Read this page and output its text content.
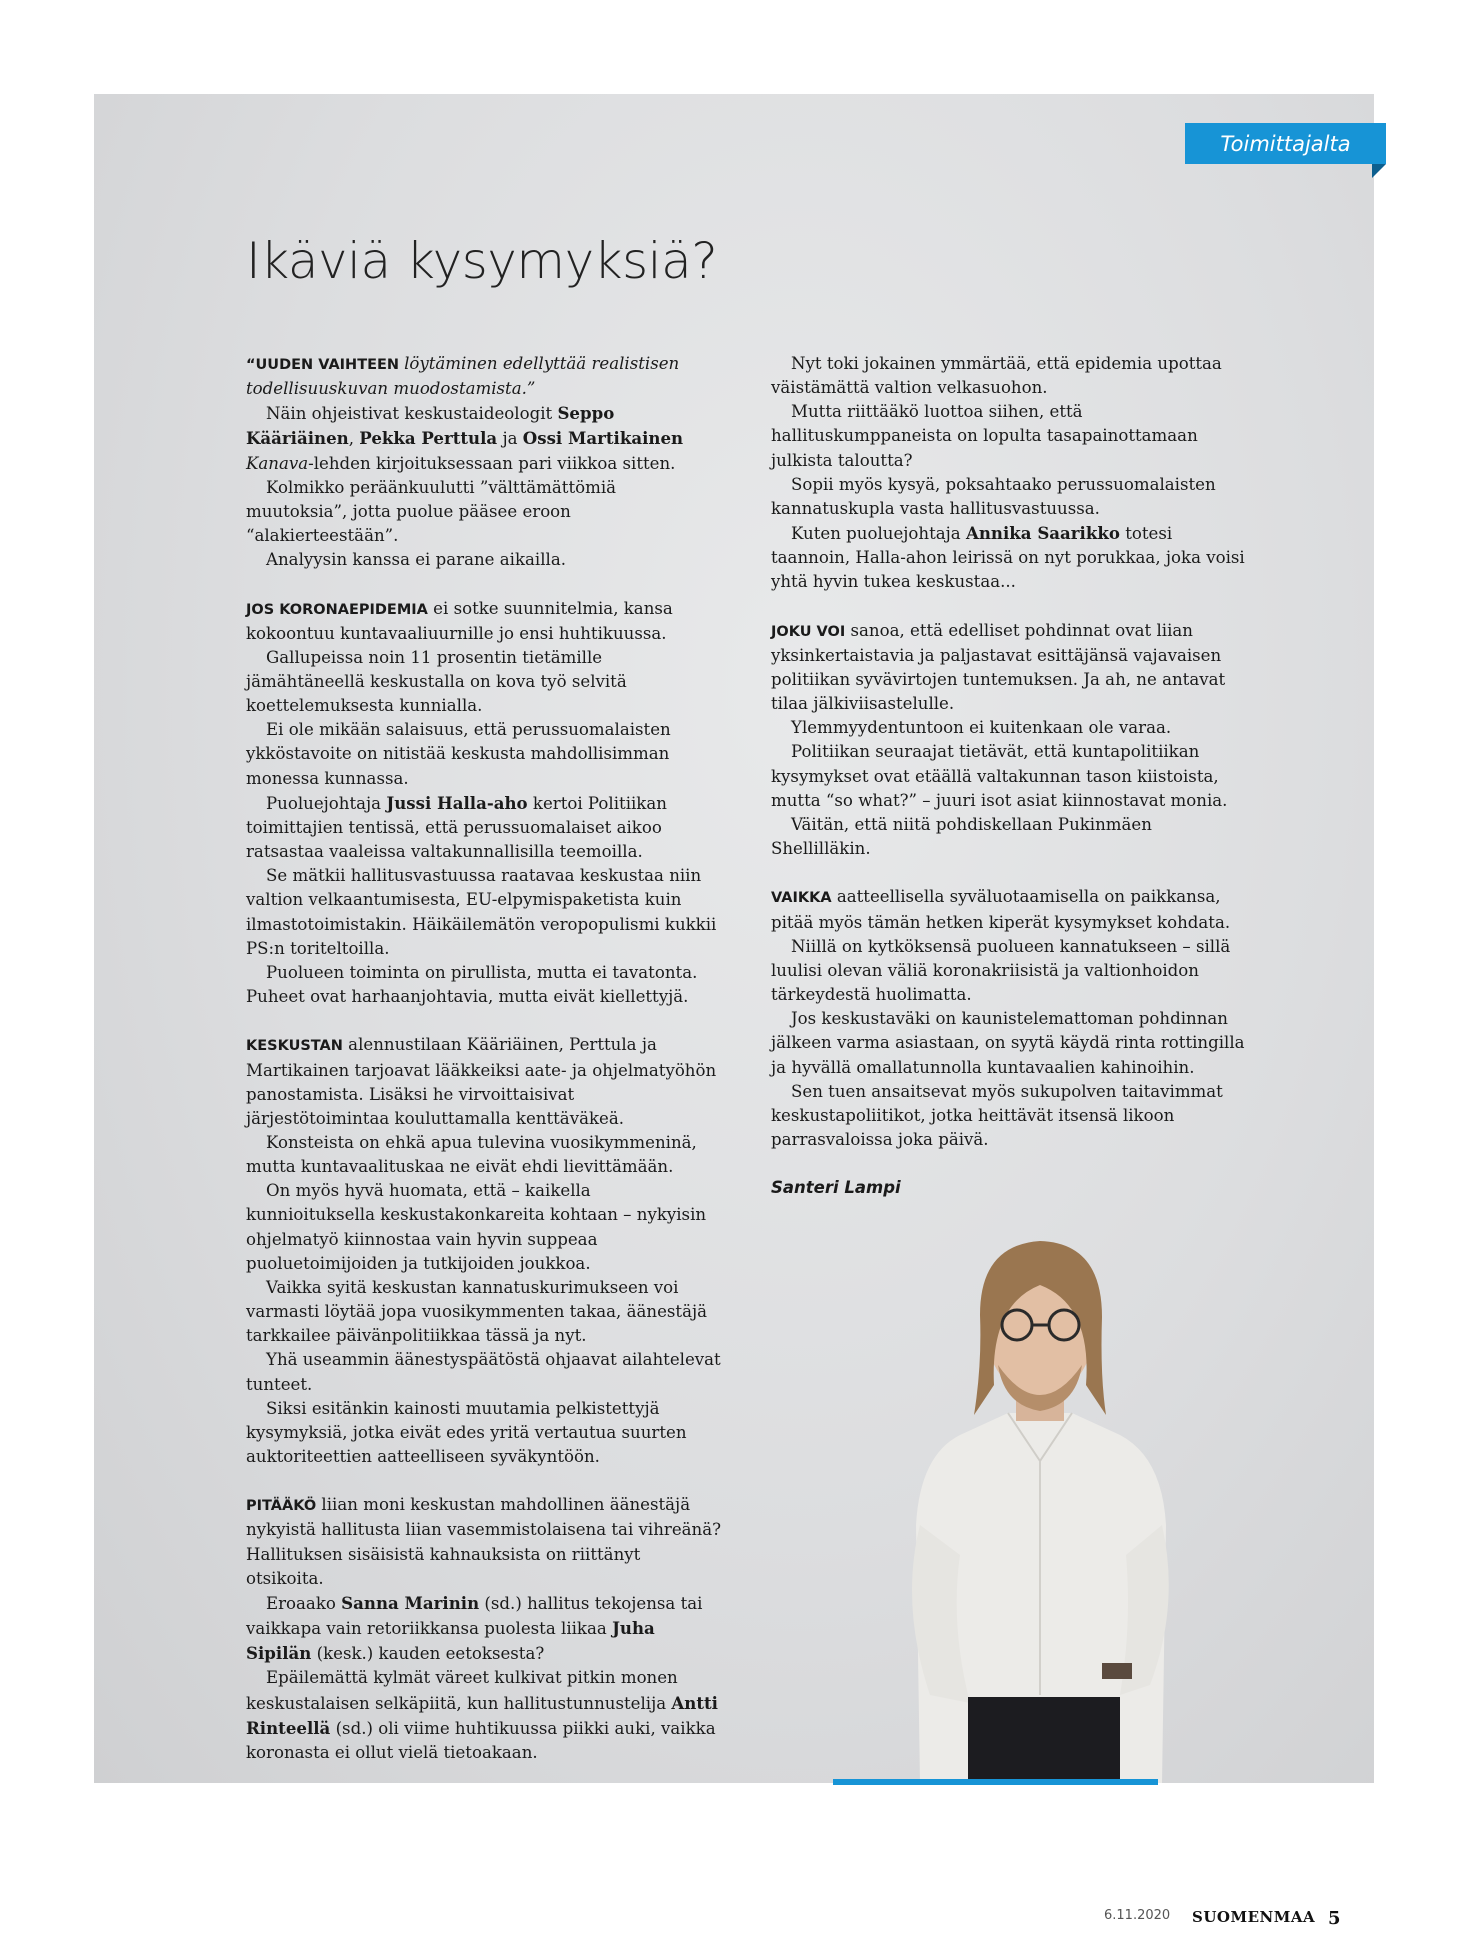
Toimittajalta
Ikäviä kysymyksiä?

“UUDEN VAIHTEEN löytäminen edellyttää realistisen todellisuuskuvan muodostamista.”

Näin ohjeistivat keskustaideologit Seppo Kääriäinen, Pekka Perttula ja Ossi Martikainen Kanava-lehden kirjoituksessaan pari viikkoa sitten.

Kolmikko peräänkuulutti ”välttämättömiä muutoksia”, jotta puolue pääsee eroon “alakierteestään”.

Analyysin kanssa ei parane aikailla.

JOS KORONAEPIDEMIA ei sotke suunnitelmia, kansa kokoontuu kuntavaaliuurnille jo ensi huhtikuussa.

Gallupeissa noin 11 prosentin tietämille jämähtäneellä keskustalla on kova työ selvitä koettelemuksesta kunnialla.

Ei ole mikään salaisuus, että perussuomalaisten ykköstavoite on nitistää keskusta mahdollisimman monessa kunnassa.

Puoluejohtaja Jussi Halla-aho kertoi Politiikan toimittajien tentissä, että perussuomalaiset aikoo ratsastaa vaaleissa valtakunnallisilla teemoilla.

Se mätkii hallitusvastuussa raatavaa keskustaa niin valtion velkaantumisesta, EU-elpymispaketista kuin ilmastotoimistakin. Häikäilemätön veropopulismi kukkii PS:n toriteltoilla.

Puolueen toiminta on pirullista, mutta ei tavatonta. Puheet ovat harhaanjohtavia, mutta eivät kiellettyjä.

KESKUSTAN alennustilaan Kääriäinen, Perttula ja Martikainen tarjoavat lääkkeiksi aate- ja ohjelmatyöhön panostamista. Lisäksi he virvoittaisivat järjestötoimintaa kouluttamalla kenttäväkeä.

Konsteista on ehkä apua tulevina vuosikymmeninä, mutta kuntavaalituskaa ne eivät ehdi lievittämään.

On myös hyvä huomata, että – kaikella kunnioituksella keskustakonkareita kohtaan – nykyisin ohjelmatyö kiinnostaa vain hyvin suppeaa puoluetoimijoiden ja tutkijoiden joukkoa.

Vaikka syitä keskustan kannatuskurimukseen voi varmasti löytää jopa vuosikymmenten takaa, äänestäjä tarkkailee päivänpolitiikkaa tässä ja nyt.

Yhä useammin äänestyspäätöstä ohjaavat ailahtelevat tunteet.

Siksi esitänkin kainosti muutamia pelkistettyjä kysymyksiä, jotka eivät edes yritä vertautua suurten auktoriteettien aatteelliseen syväkyntöön.

PITÄÄKÖ liian moni keskustan mahdollinen äänestäjä nykyistä hallitusta liian vasemmistolaisena tai vihreänä? Hallituksen sisäisistä kahnauksista on riittänyt otsikoita.

Eroaako Sanna Marinin (sd.) hallitus tekojensa tai vaikkapa vain retoriikkansa puolesta liikaa Juha Sipilän (kesk.) kauden eetoksesta?

Epäilemättä kylmät väreet kulkivat pitkin monen keskustalaisen selkäpiitä, kun hallitustunnustelija Antti Rinteellä (sd.) oli viime huhtikuussa piikki auki, vaikka koronasta ei ollut vielä tietoakaan.

Nyt toki jokainen ymmärtää, että epidemia upottaa väistämättä valtion velkasuohon.

Mutta riittääkö luottoa siihen, että hallituskumppaneista on lopulta tasapainottamaan julkista taloutta?

Sopii myös kysyä, poksahtaako perussuomalaisten kannatuskupla vasta hallitusvastuussa.

Kuten puoluejohtaja Annika Saarikko totesi taannoin, Halla-ahon leirissä on nyt porukkaa, joka voisi yhtä hyvin tukea keskustaa...

JOKU VOI sanoa, että edelliset pohdinnat ovat liian yksinkertaistavia ja paljastavat esittäjänsä vajavaisen politiikan syvävirtojen tuntemuksen. Ja ah, ne antavat tilaa jälkiviisastelulle.

Ylemmyydentuntoon ei kuitenkaan ole varaa.

Politiikan seuraajat tietävät, että kuntapolitiikan kysymykset ovat etäällä valtakunnan tason kiistoista, mutta “so what?” – juuri isot asiat kiinnostavat monia.

Väitän, että niitä pohdiskellaan Pukinmäen Shellilläkin.

VAIKKA aatteellisella syväluotaamisella on paikkansa, pitää myös tämän hetken kiperät kysymykset kohdata.

Niillä on kytköksensä puolueen kannatukseen – sillä luulisi olevan väliä koronakriisistä ja valtionhoidon tärkeydestä huolimatta.

Jos keskustaväki on kaunistelemattoman pohdinnan jälkeen varma asiastaan, on syytä käydä rinta rottingilla ja hyvällä omallatunnolla kuntavaalien kahinoihin.

Sen tuen ansaitsevat myös sukupolven taitavimmat keskustapoliitikot, jotka heittävät itsensä likoon parrasvaloissa joka päivä.

Santeri Lampi

6.11.2020 SUOMENMAA 5
